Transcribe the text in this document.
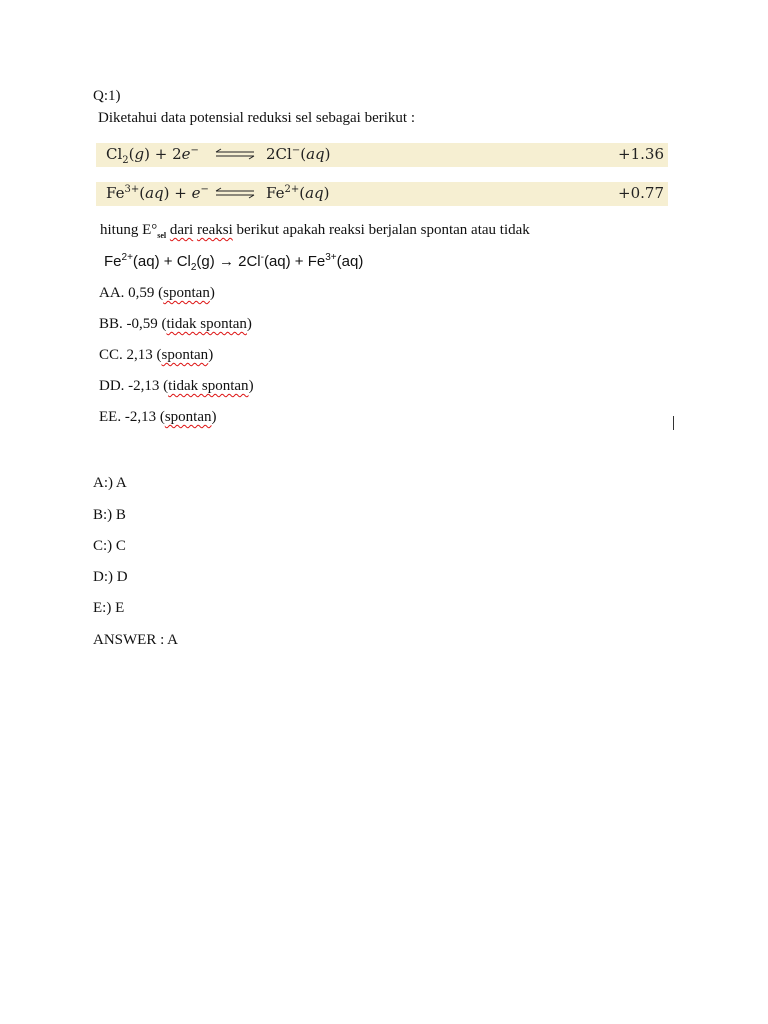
Q:1)
Diketahui data potensial reduksi sel sebagai berikut :
$Cl_2(g) + 2e^-$ ⇌ 2Cl−(aq)	+1.36
$Fe^{3+}(aq) + e^-$ ⇌ $Fe^{2+}(aq)$	+0.77
hitung $E^\circ_{sel}$ dari reaksi berikut apakah reaksi berjalan spontan atau tidak
$Fe^{2+}(aq) + Cl_2(g) \to 2Cl^-(aq) + Fe^{3+}(aq)$
AA. 0,59 (spontan)
BB. -0,59 (tidak spontan)
CC. 2,13 (spontan)
DD. -2,13 (tidak spontan)
EE. -2,13 (spontan)
A:) A
B:) B
C:) C
D:) D
E:) E
ANSWER : A
